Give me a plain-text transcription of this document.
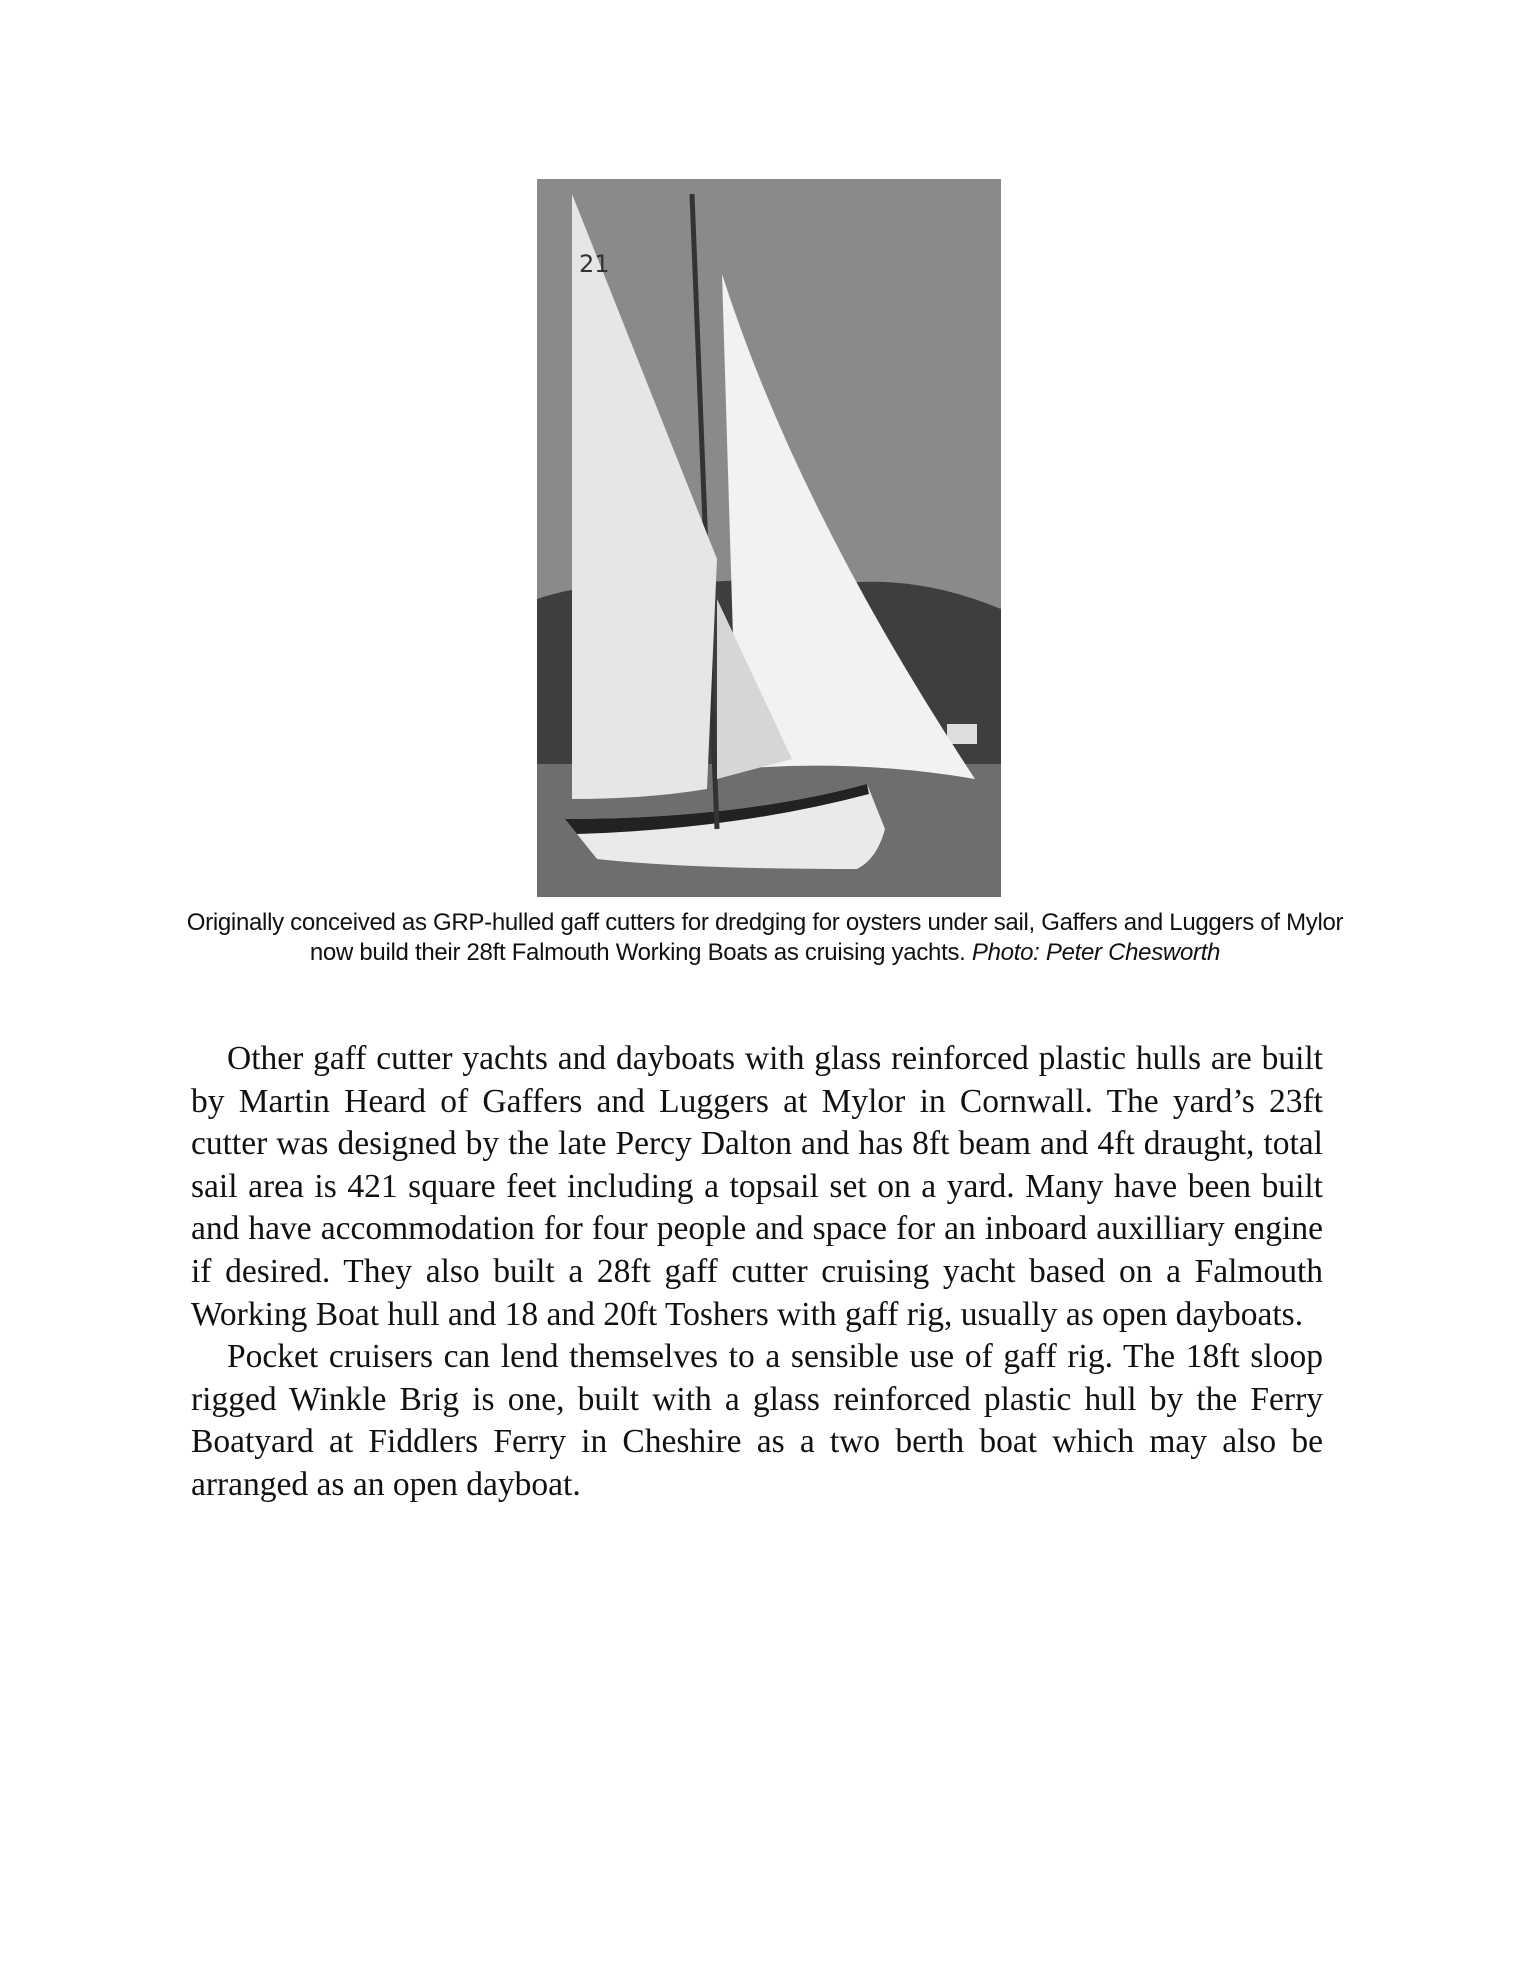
21
Originally conceived as GRP-hulled gaff cutters for dredging for oysters under sail, Gaffers and Luggers of Mylor now build their 28ft Falmouth Working Boats as cruising yachts. Photo: Peter Chesworth

Other gaff cutter yachts and dayboats with glass reinforced plastic hulls are built by Martin Heard of Gaffers and Luggers at Mylor in Cornwall. The yard’s 23ft cutter was designed by the late Percy Dalton and has 8ft beam and 4ft draught, total sail area is 421 square feet including a topsail set on a yard. Many have been built and have accommodation for four people and space for an inboard auxilliary engine if desired. They also built a 28ft gaff cutter cruising yacht based on a Falmouth Working Boat hull and 18 and 20ft Toshers with gaff rig, usually as open dayboats.

Pocket cruisers can lend themselves to a sensible use of gaff rig. The 18ft sloop rigged Winkle Brig is one, built with a glass reinforced plastic hull by the Ferry Boatyard at Fiddlers Ferry in Cheshire as a two berth boat which may also be arranged as an open dayboat.
